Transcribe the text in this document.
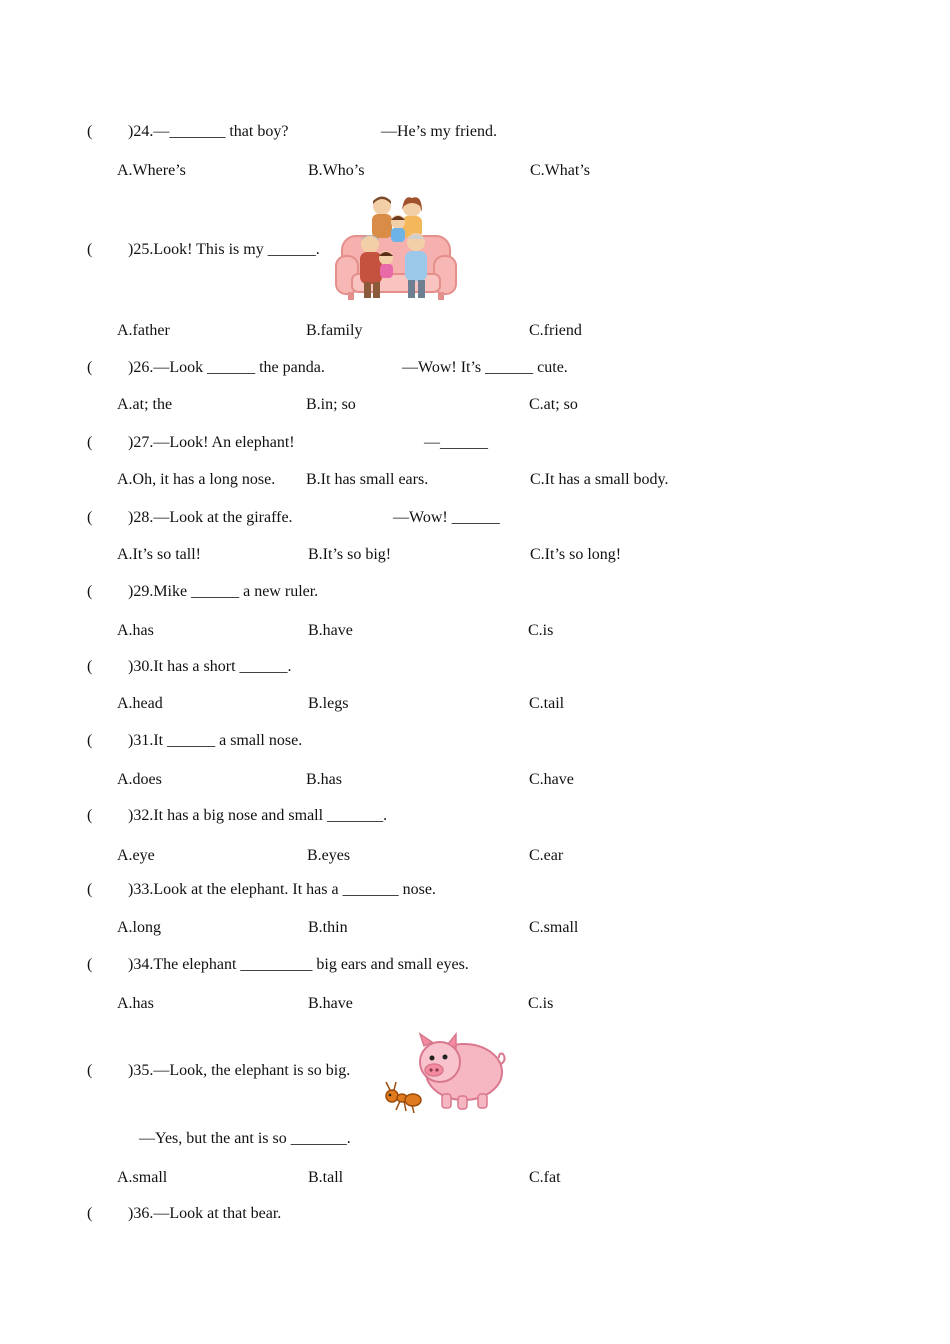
( )24.—_______ that boy?	—He’s my friend.
A.Where’s	B.Who’s	C.What’s
( )25.Look! This is my ______.
A.father	B.family	C.friend
( )26.—Look ______ the panda.	—Wow! It’s ______ cute.
A.at; the	B.in; so	C.at; so
( )27.—Look! An elephant!	—______
A.Oh, it has a long nose. B.It has small ears.	C.It has a small body.
( )28.—Look at the giraffe.	—Wow! ______
A.It’s so tall!	B.It’s so big!	C.It’s so long!
( )29.Mike ______ a new ruler.
A.has	B.have	C.is
( )30.It has a short ______.
A.head	B.legs	C.tail
( )31.It ______ a small nose.
A.does	B.has	C.have
( )32.It has a big nose and small _______.
A.eye	B.eyes	C.ear
( )33.Look at the elephant. It has a _______ nose.
A.long	B.thin	C.small
( )34.The elephant _________ big ears and small eyes.
A.has	B.have	C.is
( )35.—Look, the elephant is so big.
—Yes, but the ant is so _______.
A.small	B.tall	C.fat
( )36.—Look at that bear.
